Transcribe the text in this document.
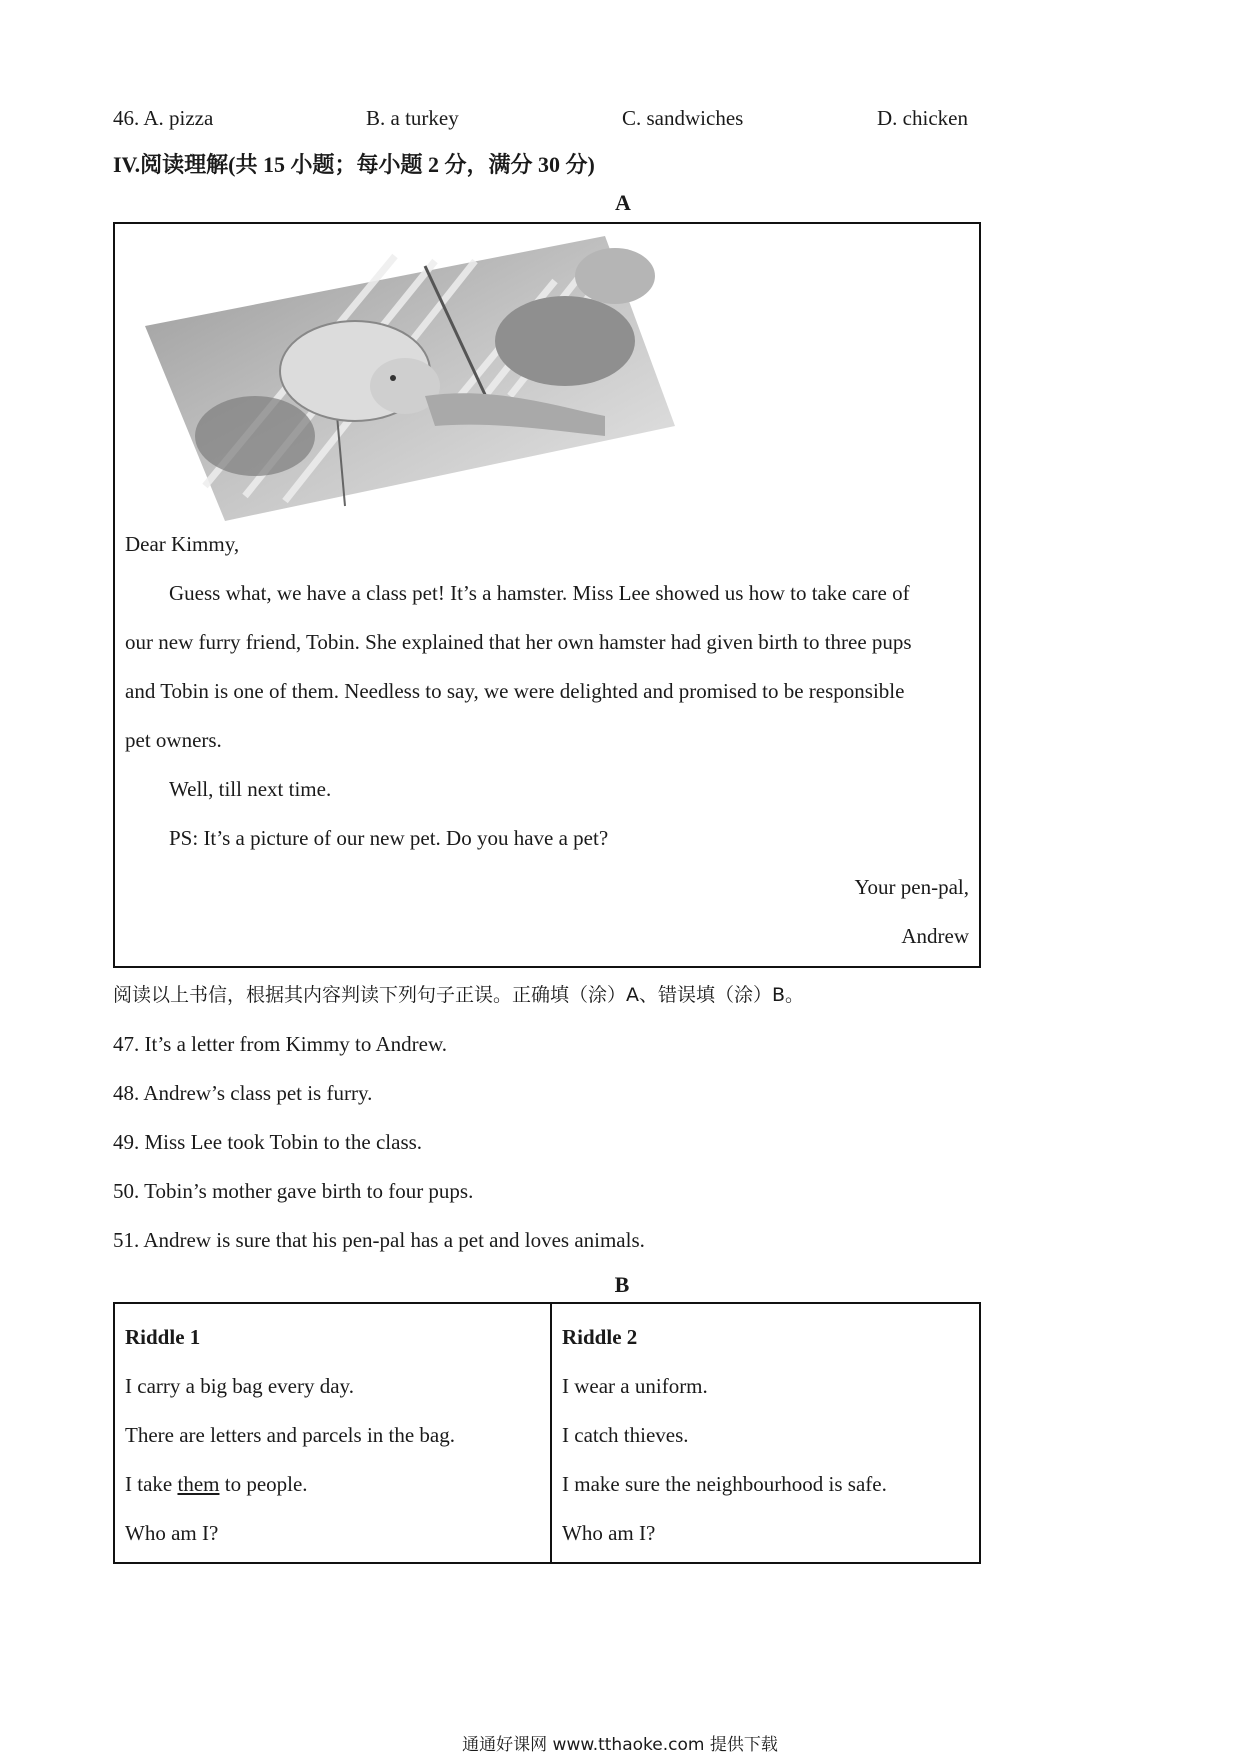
46. A. pizza	B. a turkey	C. sandwiches	D. chicken
IV.阅读理解(共 15 小题；每小题 2 分，满分 30 分)
A
Dear Kimmy,
Guess what, we have a class pet! It’s a hamster. Miss Lee showed us how to take care of
our new furry friend, Tobin. She explained that her own hamster had given birth to three pups
and Tobin is one of them. Needless to say, we were delighted and promised to be responsible
pet owners.
Well, till next time.
PS: It’s a picture of our new pet. Do you have a pet?
Your pen-pal,
Andrew
阅读以上书信，根据其内容判读下列句子正误。正确填（涂）A、错误填（涂）B。
47. It’s a letter from Kimmy to Andrew.
48. Andrew’s class pet is furry.
49. Miss Lee took Tobin to the class.
50. Tobin’s mother gave birth to four pups.
51. Andrew is sure that his pen-pal has a pet and loves animals.
B
Riddle 1
I carry a big bag every day.
There are letters and parcels in the bag.
I take them to people.
Who am I?
Riddle 2
I wear a uniform.
I catch thieves.
I make sure the neighbourhood is safe.
Who am I?
通通好课网 www.tthaoke.com 提供下载
